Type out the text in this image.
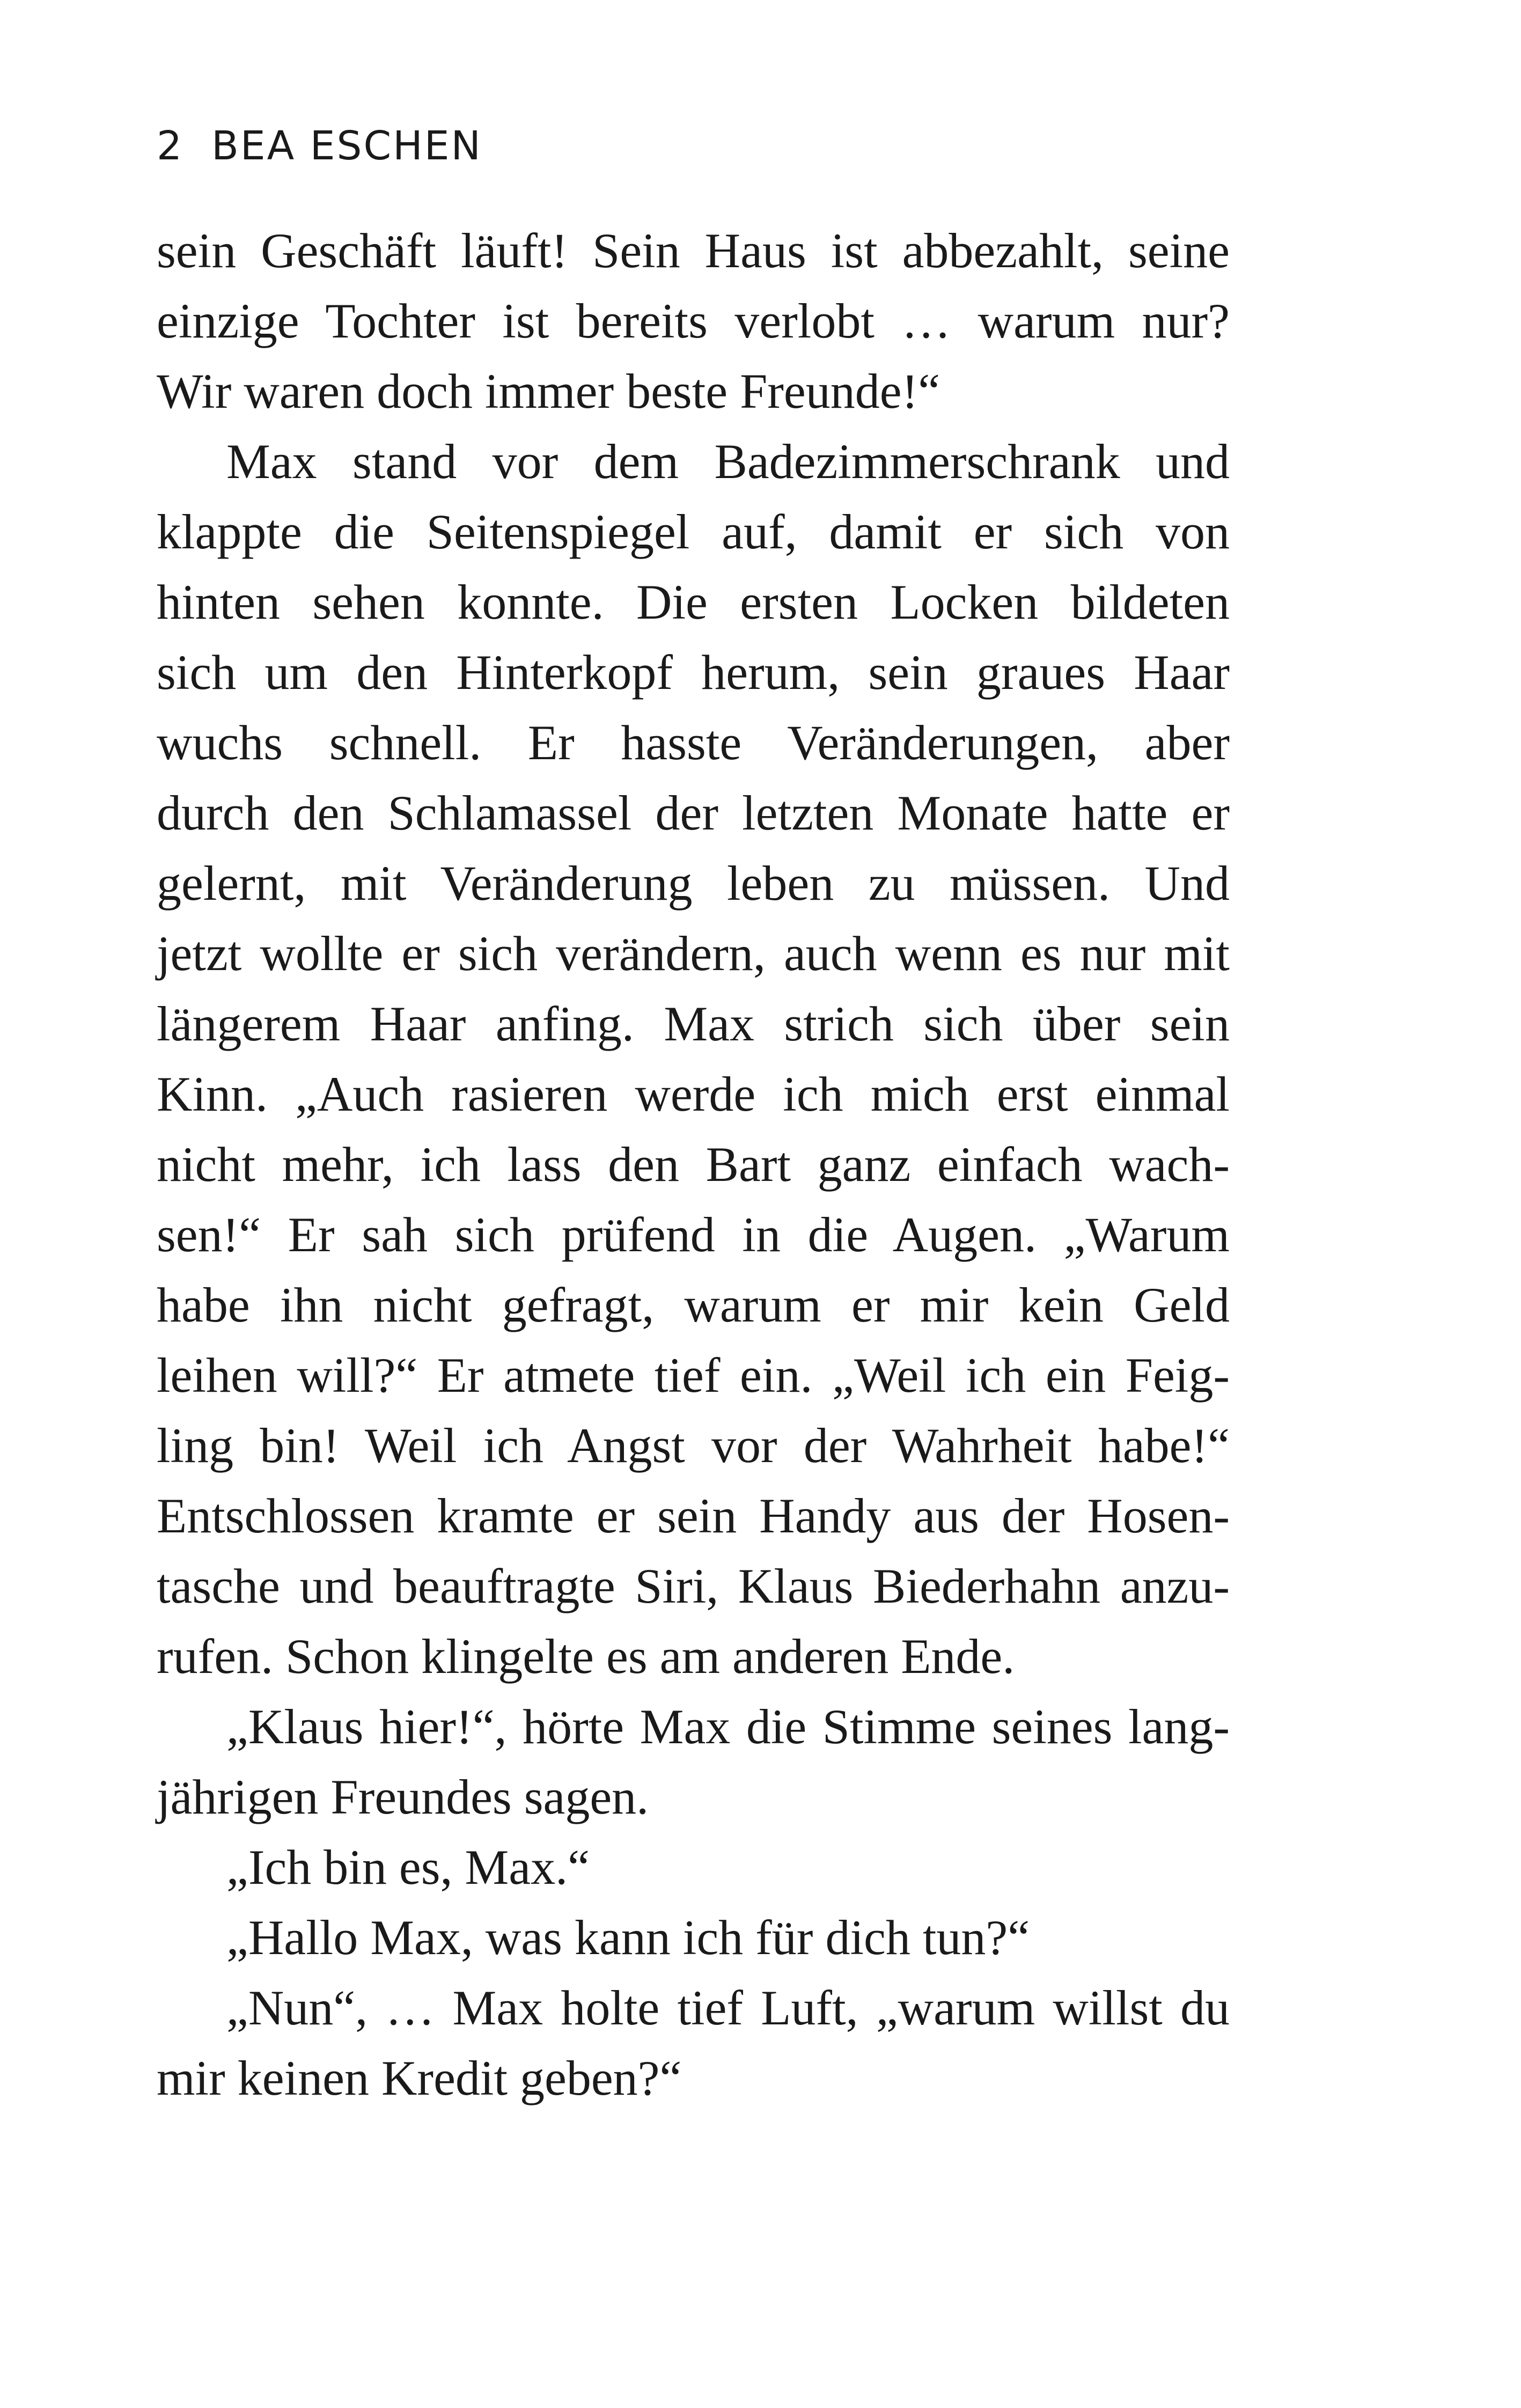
2 BEA ESCHEN
sein Geschäft läuft! Sein Haus ist abbezahlt, seine
einzige Tochter ist bereits verlobt … warum nur?
Wir waren doch immer beste Freunde!“
Max stand vor dem Badezimmerschrank und
klappte die Seitenspiegel auf, damit er sich von
hinten sehen konnte. Die ersten Locken bildeten
sich um den Hinterkopf herum, sein graues Haar
wuchs schnell. Er hasste Veränderungen, aber
durch den Schlamassel der letzten Monate hatte er
gelernt, mit Veränderung leben zu müssen. Und
jetzt wollte er sich verändern, auch wenn es nur mit
längerem Haar anfing. Max strich sich über sein
Kinn. „Auch rasieren werde ich mich erst einmal
nicht mehr, ich lass den Bart ganz einfach wach-
sen!“ Er sah sich prüfend in die Augen. „Warum
habe ihn nicht gefragt, warum er mir kein Geld
leihen will?“ Er atmete tief ein. „Weil ich ein Feig-
ling bin! Weil ich Angst vor der Wahrheit habe!“
Entschlossen kramte er sein Handy aus der Hosen-
tasche und beauftragte Siri, Klaus Biederhahn anzu-
rufen. Schon klingelte es am anderen Ende.
„Klaus hier!“, hörte Max die Stimme seines lang-
jährigen Freundes sagen.
„Ich bin es, Max.“
„Hallo Max, was kann ich für dich tun?“
„Nun“, … Max holte tief Luft, „warum willst du
mir keinen Kredit geben?“
